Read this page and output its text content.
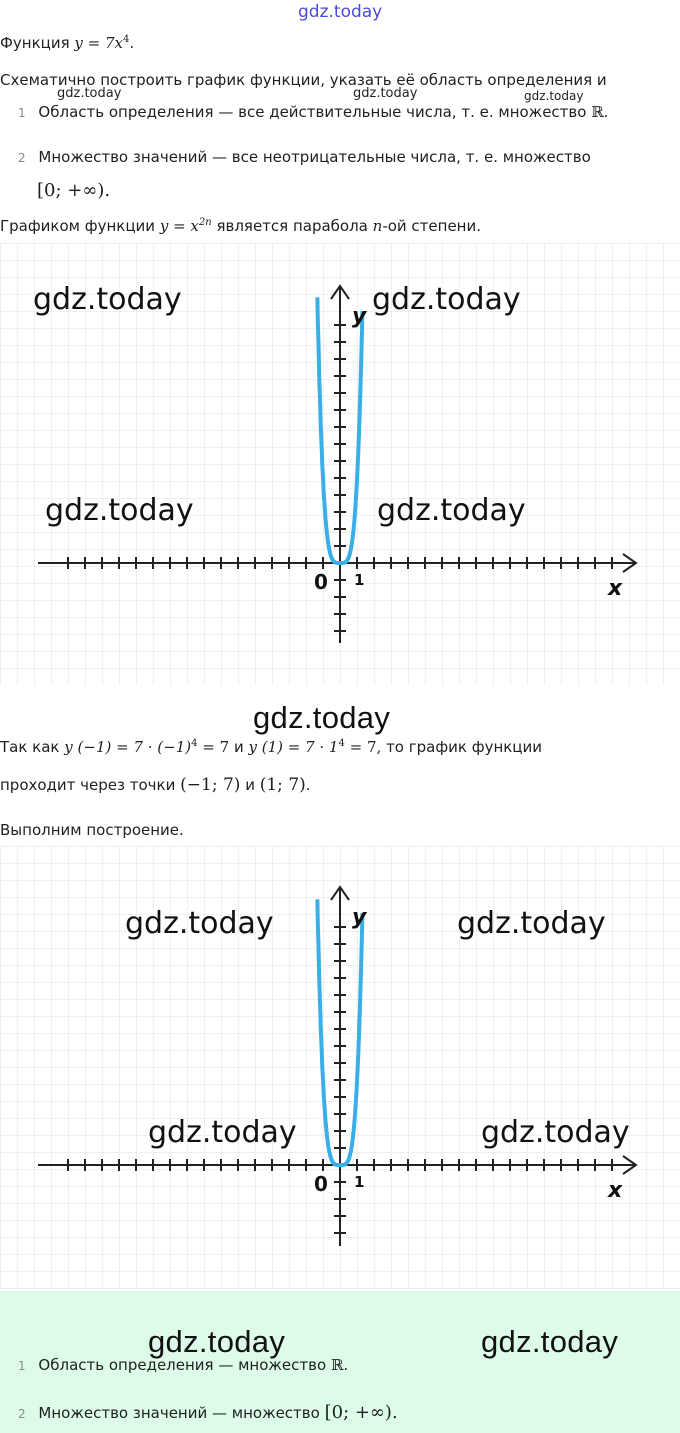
gdz.today
Функция $y = 7x^4$.
Схематично построить график функции, указать её область определения и
gdz.today	gdz.today	gdz.today
1 Область определения — все действительные числа, т. е. множество ℝ.
2 Множество значений — все неотрицательные числа, т. е. множество
[0; +∞).
Графиком функции $y = x^{2n}$ является парабола n-ой степени.
x
y
0 1
gdz.today	gdz.today
gdz.today	gdz.today
gdz.today
Так как y $(-1) = 7 \cdot (-1)^4 = 7$ и y $(1) = 7 \cdot 1^4 = 7$, то график функции
проходит через точки (−1; 7) и (1; 7).
Выполним построение.
x
y
0 1
gdz.today	gdz.today
gdz.today	gdz.today
gdz.today	gdz.today
1 Область определения — множество ℝ.
2 Множество значений — множество [0; +∞).
